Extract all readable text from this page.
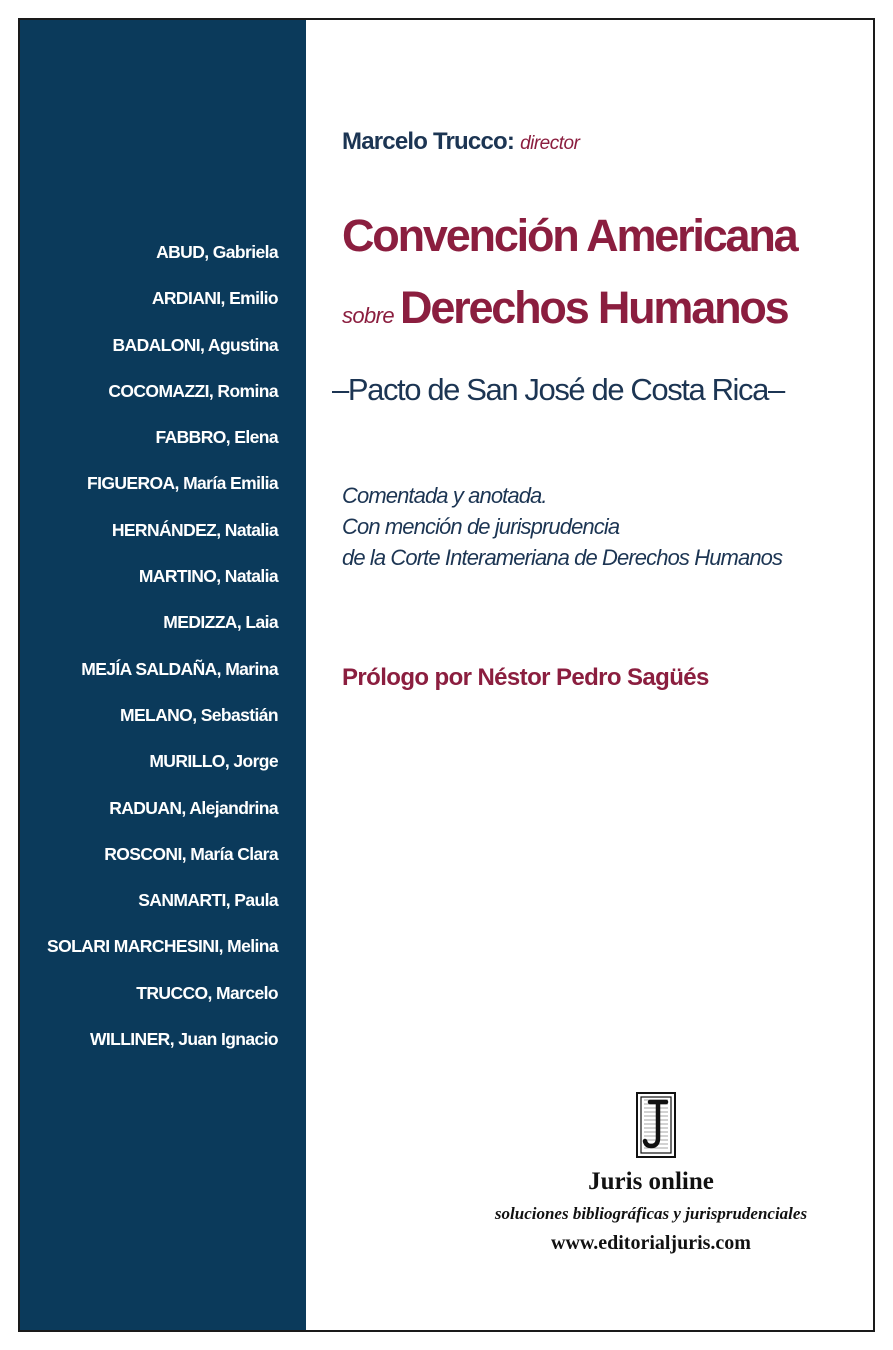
ABUD, Gabriela
ARDIANI, Emilio
BADALONI, Agustina
COCOMAZZI, Romina
FABBRO, Elena
FIGUEROA, María Emilia
HERNÁNDEZ, Natalia
MARTINO, Natalia
MEDIZZA, Laia
MEJÍA SALDAÑA, Marina
MELANO, Sebastián
MURILLO, Jorge
RADUAN, Alejandrina
ROSCONI, María Clara
SANMARTI, Paula
SOLARI MARCHESINI, Melina
TRUCCO, Marcelo
WILLINER, Juan Ignacio
Marcelo Trucco: director
Convención Americana
sobre Derechos Humanos
–Pacto de San José de Costa Rica–
Comentada y anotada.
Con mención de jurisprudencia
de la Corte Interameriana de Derechos Humanos
Prólogo por Néstor Pedro Sagüés
Juris online
soluciones bibliográficas y jurisprudenciales
www.editorialjuris.com
